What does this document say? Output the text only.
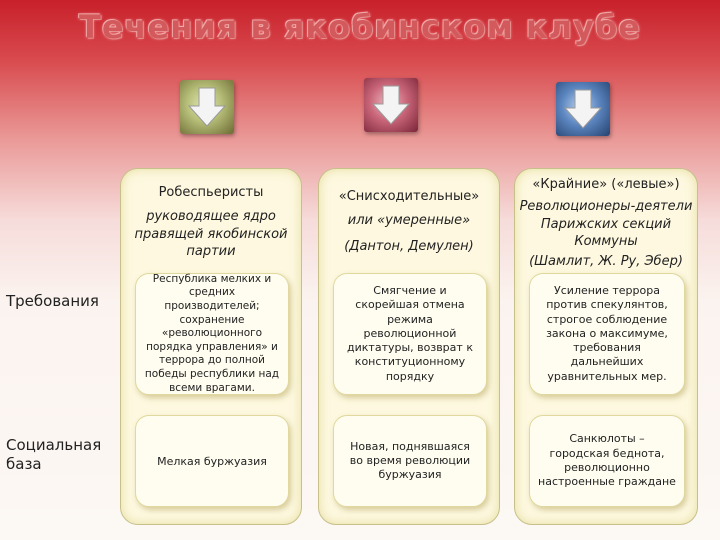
Течения в якобинском клубе
Требования
Социальная база
Робеспьеристы
руководящее ядро правящей якобинской партии
Республика мелких и средних производителей; сохранение «революционного порядка управления» и террора до полной победы республики над всеми врагами.
Мелкая буржуазия
«Снисходительные»
или «умеренные»
(Дантон, Демулен)
Смягчение и скорейшая отмена режима революционной диктатуры, возврат к конституционному порядку
Новая, поднявшаяся во время революции буржуазия
«Крайние» («левые»)
Революционеры-деятели Парижских секций Коммуны
(Шамлит, Ж. Ру, Эбер)
Усиление террора против спекулянтов, строгое соблюдение закона о максимуме, требования дальнейших уравнительных мер.
Санкюлоты – городская беднота, революционно настроенные граждане
